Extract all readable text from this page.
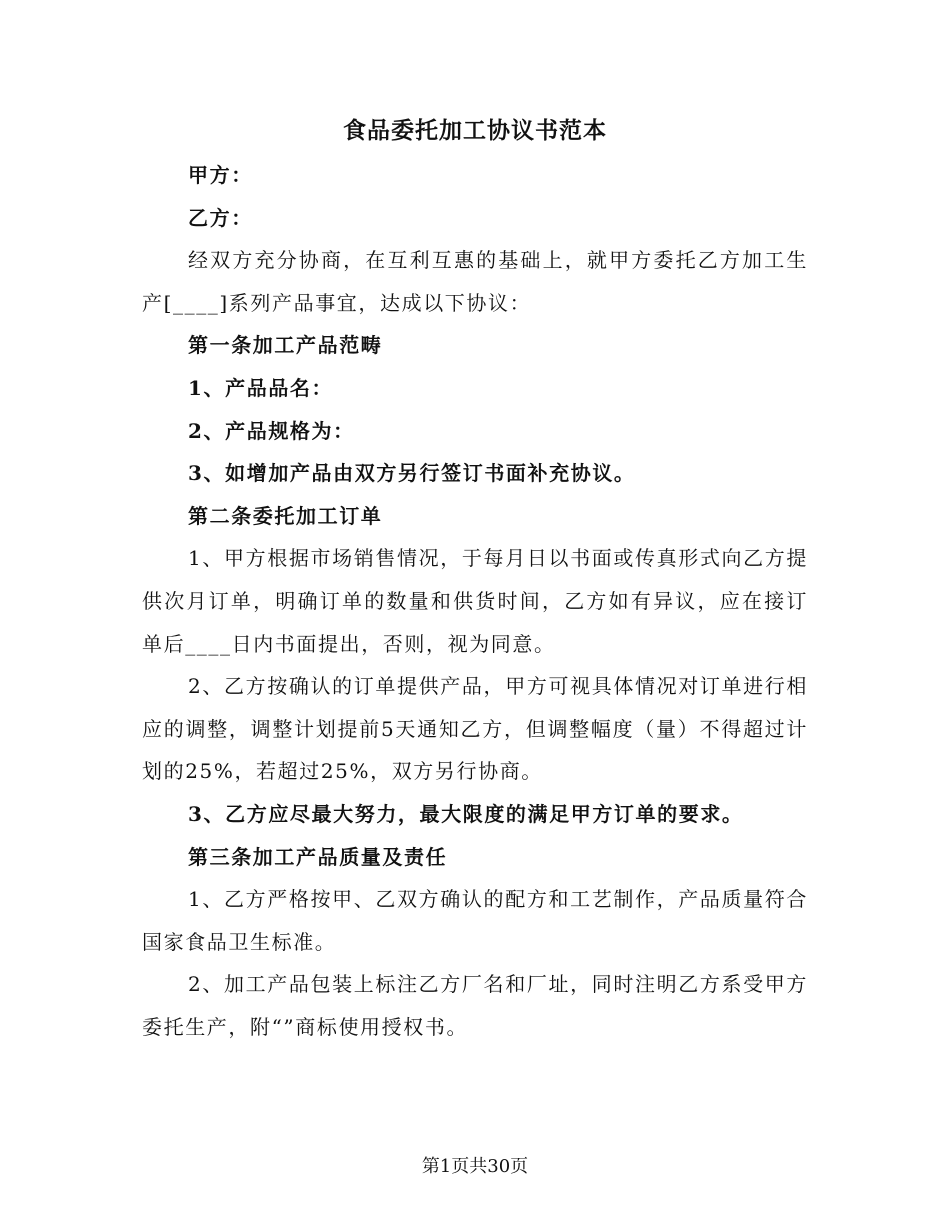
食品委托加工协议书范本

甲方：

乙方：

经双方充分协商，在互利互惠的基础上，就甲方委托乙方加工生产[____]系列产品事宜，达成以下协议：

第一条加工产品范畴

1、产品品名：

2、产品规格为：

3、如增加产品由双方另行签订书面补充协议。

第二条委托加工订单

1、甲方根据市场销售情况，于每月日以书面或传真形式向乙方提供次月订单，明确订单的数量和供货时间，乙方如有异议，应在接订单后____日内书面提出，否则，视为同意。

2、乙方按确认的订单提供产品，甲方可视具体情况对订单进行相应的调整，调整计划提前5天通知乙方，但调整幅度（量）不得超过计划的25%，若超过25%，双方另行协商。

3、乙方应尽最大努力，最大限度的满足甲方订单的要求。

第三条加工产品质量及责任

1、乙方严格按甲、乙双方确认的配方和工艺制作，产品质量符合国家食品卫生标准。

2、加工产品包装上标注乙方厂名和厂址，同时注明乙方系受甲方委托生产，附“”商标使用授权书。

第1页共30页
